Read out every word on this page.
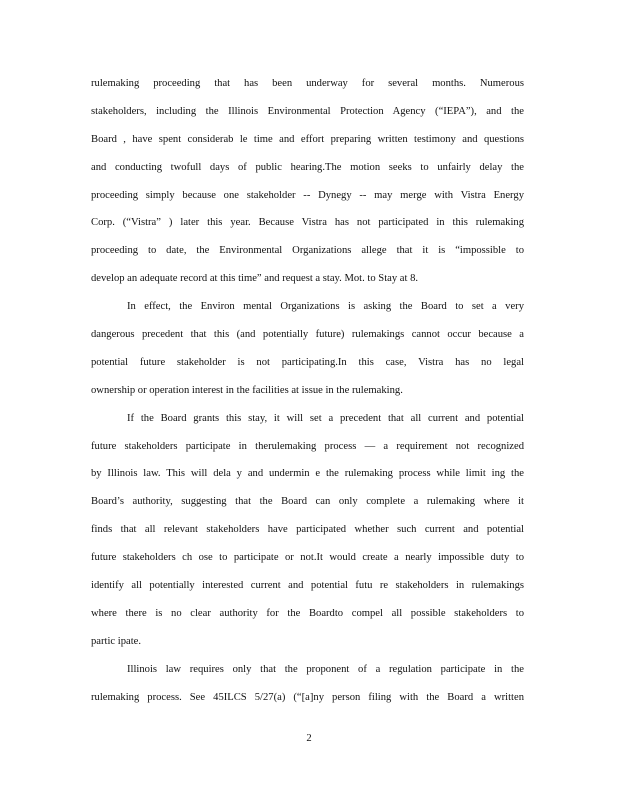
rulemaking proceeding that has been underway for several months. Numerous
stakeholders, including the Illinois Environmental Protection Agency (“IEPA”), and the
Board , have spent considerab le time and effort preparing written testimony and questions
and conducting twofull days of public hearing.The motion seeks to unfairly delay the
proceeding simply because one stakeholder -- Dynegy -- may merge with Vistra Energy
Corp. (“Vistra” ) later this year. Because Vistra has not participated in this rulemaking
proceeding to date, the Environmental Organizations allege that it is “impossible to
develop an adequate record at this time” and request a stay. Mot. to Stay at 8.
In effect, the Environ mental Organizations is asking the Board to set a very
dangerous precedent that this (and potentially future) rulemakings cannot occur because a
potential future stakeholder is not participating.In this case, Vistra has no legal
ownership or operation interest in the facilities at issue in the rulemaking.
If the Board grants this stay, it will set a precedent that all current and potential
future stakeholders participate in therulemaking process — a requirement not recognized
by Illinois law. This will dela y and undermin e the rulemaking process while limit ing the
Board’s authority, suggesting that the Board can only complete a rulemaking where it
finds that all relevant stakeholders have participated whether such current and potential
future stakeholders ch ose to participate or not.It would create a nearly impossible duty to
identify all potentially interested current and potential futu re stakeholders in rulemakings
where there is no clear authority for the Boardto compel all possible stakeholders to
partic ipate.
Illinois law requires only that the proponent of a regulation participate in the
rulemaking process. See 45ILCS 5/27(a) (“[a]ny person filing with the Board a written
2
